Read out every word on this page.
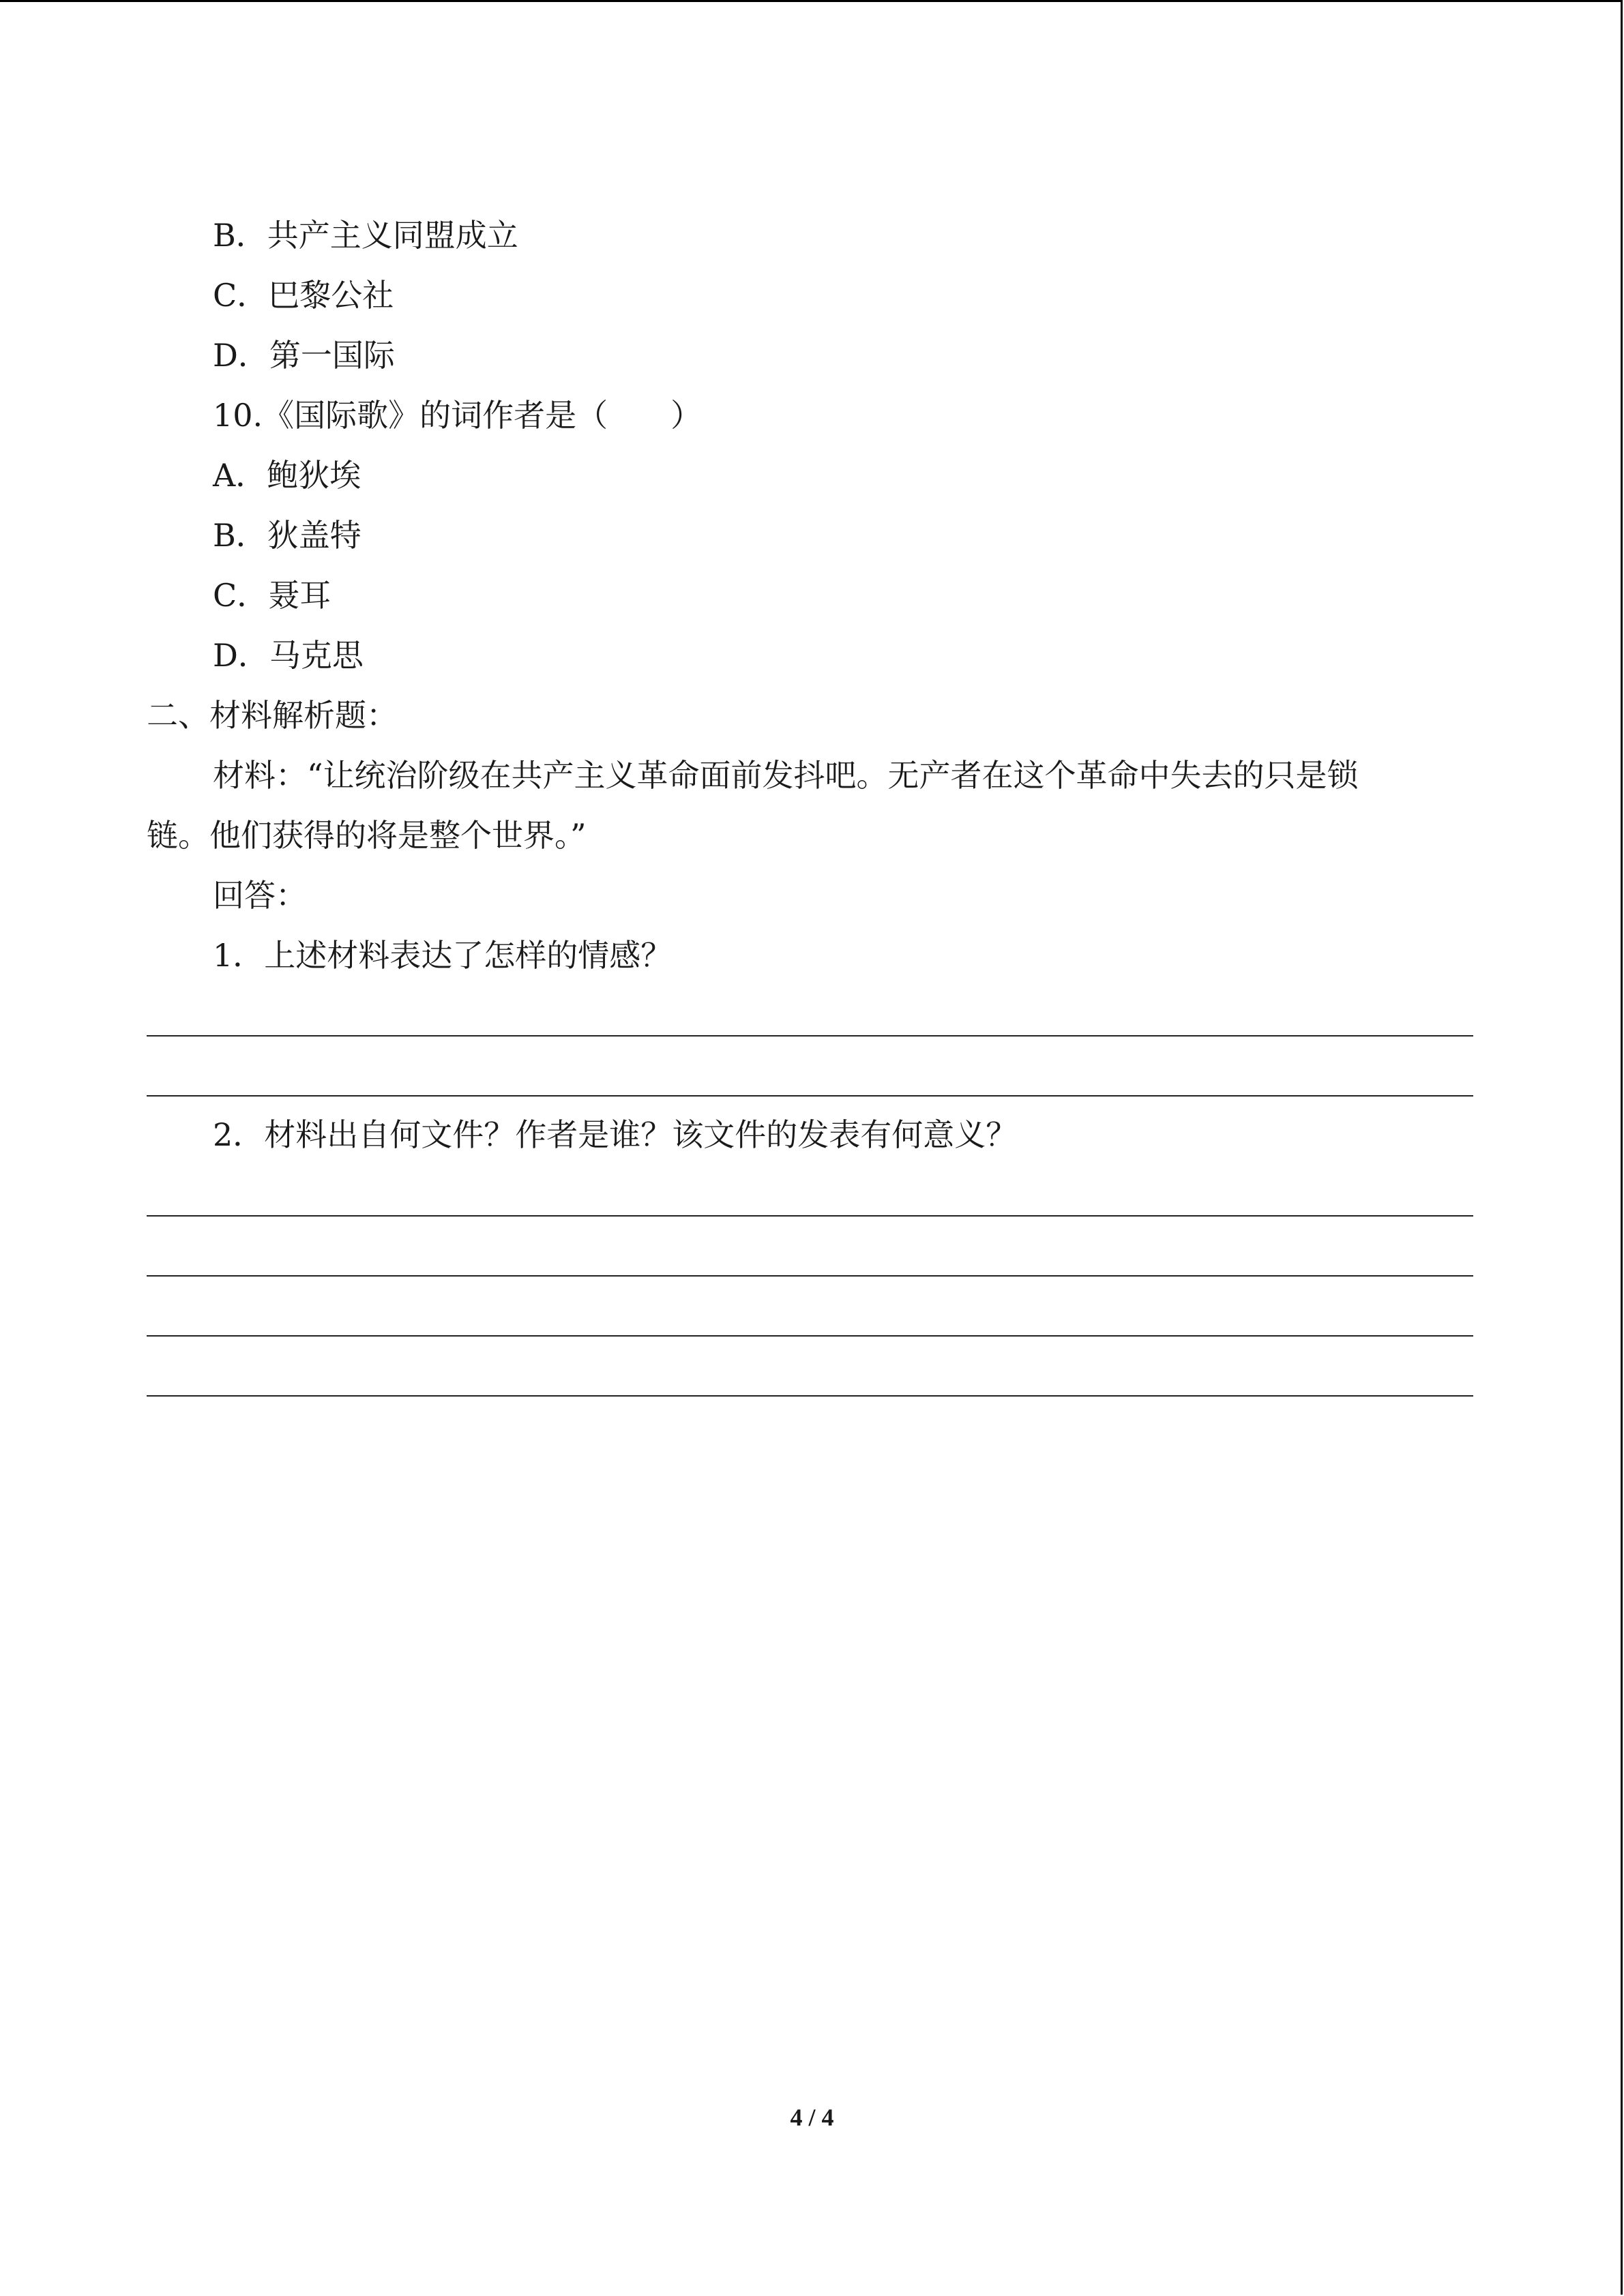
B．共产主义同盟成立
C．巴黎公社
D．第一国际
10.《国际歌》的词作者是（　　）
A．鲍狄埃
B．狄盖特
C．聂耳
D．马克思
二、材料解析题：
材料：“让统治阶级在共产主义革命面前发抖吧。无产者在这个革命中失去的只是锁
链。他们获得的将是整个世界。”
回答：
1．上述材料表达了怎样的情感？
2．材料出自何文件？作者是谁？该文件的发表有何意义？
4 / 4
